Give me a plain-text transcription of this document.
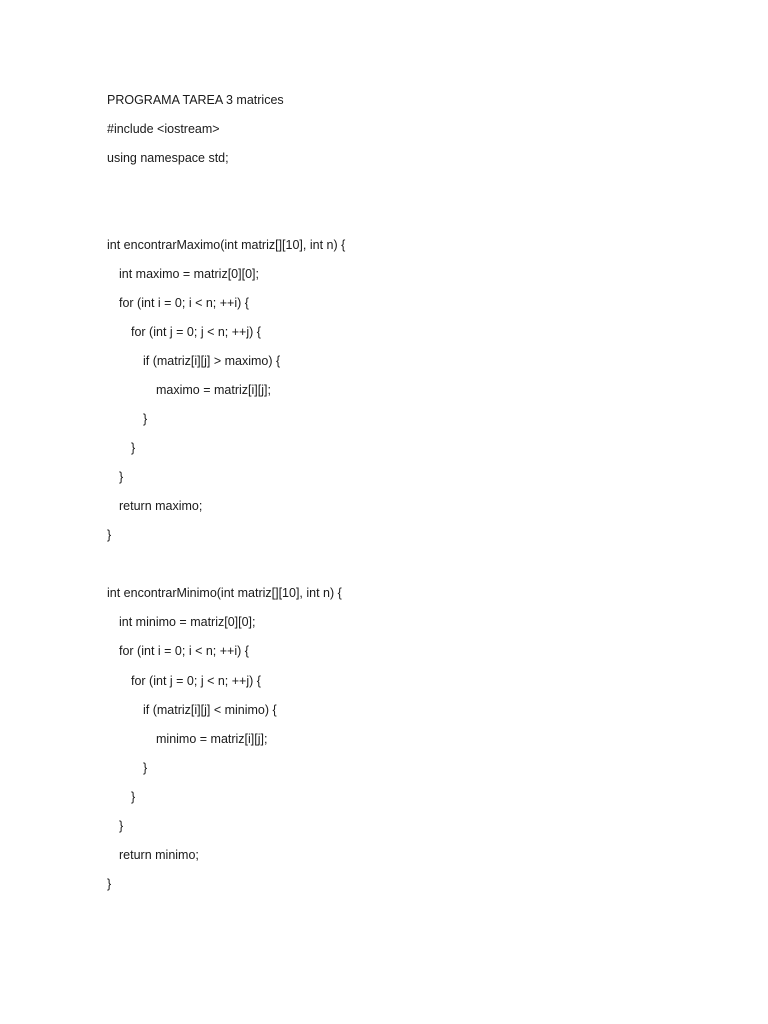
PROGRAMA TAREA 3 matrices
#include <iostream>
using namespace std;
int encontrarMaximo(int matriz[][10], int n) {
int maximo = matriz[0][0];
for (int i = 0; i < n; ++i) {
for (int j = 0; j < n; ++j) {
if (matriz[i][j] > maximo) {
maximo = matriz[i][j];
}
}
}
return maximo;
}
int encontrarMinimo(int matriz[][10], int n) {
int minimo = matriz[0][0];
for (int i = 0; i < n; ++i) {
for (int j = 0; j < n; ++j) {
if (matriz[i][j] < minimo) {
minimo = matriz[i][j];
}
}
}
return minimo;
}
